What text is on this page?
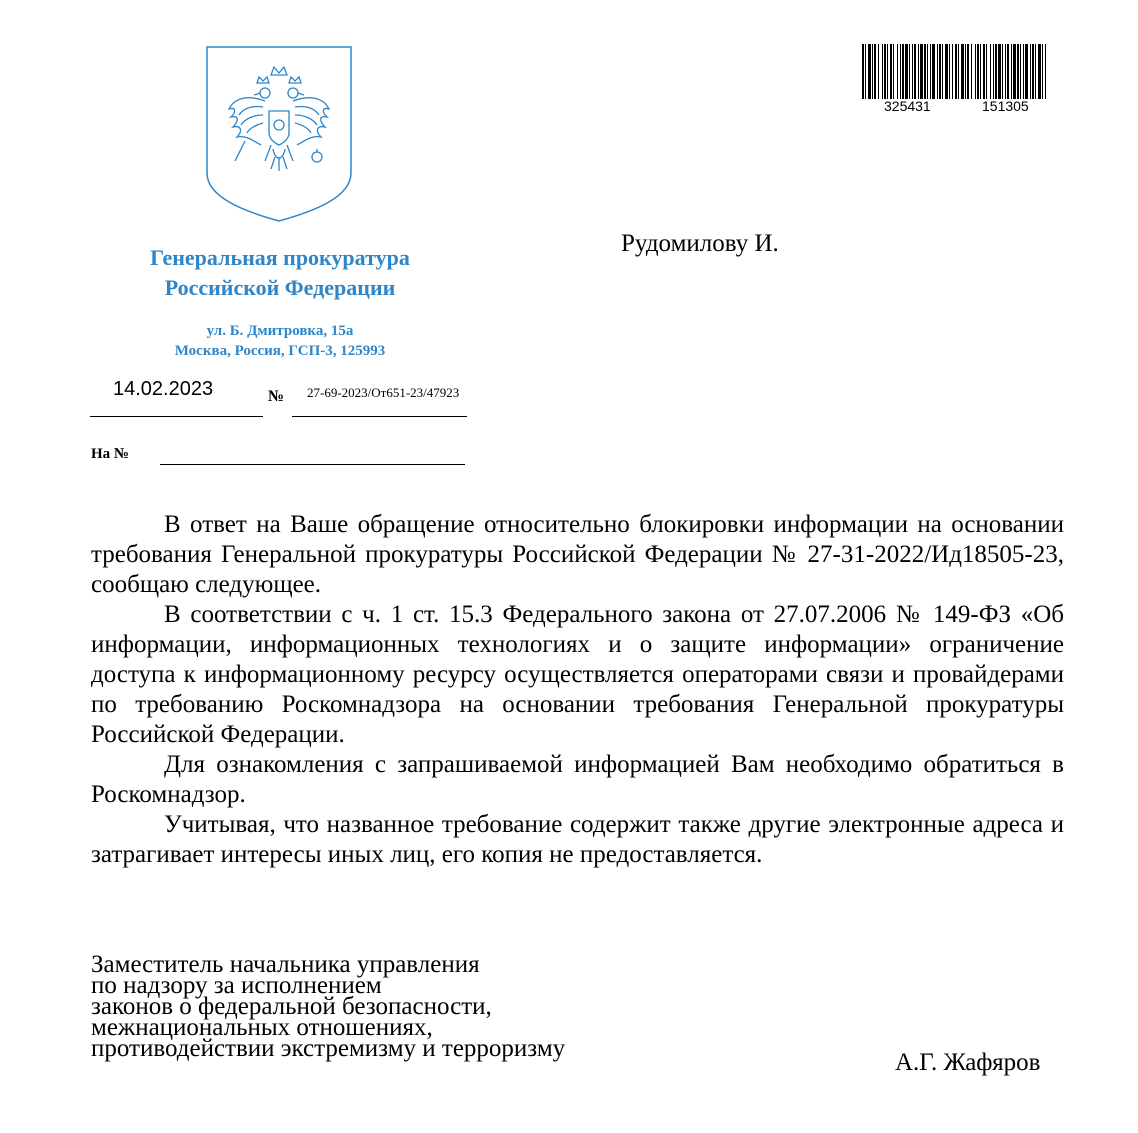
Генеральная прокуратура
Российской Федерации
ул. Б. Дмитровка, 15а
Москва, Россия, ГСП-3, 125993
325431	151305
Рудомилову И.
14.02.2023	№ 27-69-2023/От651-23/47923
На №

В ответ на Ваше обращение относительно блокировки информации на основании требования Генеральной прокуратуры Российской Федерации № 27-31-2022/Ид18505-23, сообщаю следующее.

В соответствии с ч. 1 ст. 15.3 Федерального закона от 27.07.2006 № 149-ФЗ «Об информации, информационных технологиях и о защите информации» ограничение доступа к информационному ресурсу осуществляется операторами связи и провайдерами по требованию Роскомнадзора на основании требования Генеральной прокуратуры Российской Федерации.

Для ознакомления с запрашиваемой информацией Вам необходимо обратиться в Роскомнадзор.

Учитывая, что названное требование содержит также другие электронные адреса и затрагивает интересы иных лиц, его копия не предоставляется.

Заместитель начальника управления
по надзору за исполнением
законов о федеральной безопасности,
межнациональных отношениях,
противодействии экстремизму и терроризму
А.Г. Жафяров
